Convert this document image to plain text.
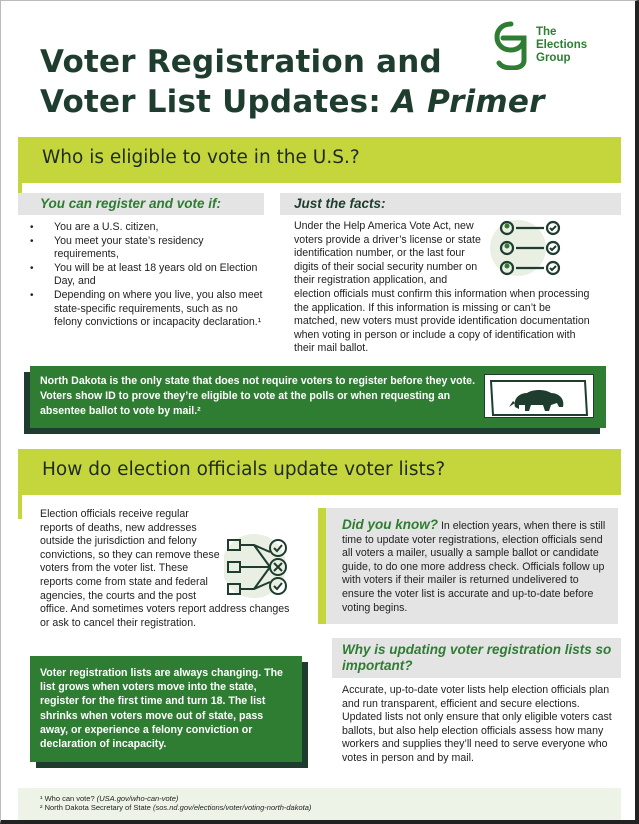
Voter Registration and
Voter List Updates: A Primer
The
Elections
Group
Who is eligible to vote in the U.S.?
You can register and vote if:	Just the facts:
• You are a U.S. citizen,
• You meet your state’s residency requirements,
• You will be at least 18 years old on Election Day, and
• Depending on where you live, you also meet state-specific requirements, such as no felony convictions or incapacity declaration.¹
Under the Help America Vote Act, new voters provide a driver’s license or state identification number, or the last four digits of their social security number on their registration application, and election officials must confirm this information when processing the application. If this information is missing or can’t be matched, new voters must provide identification documentation when voting in person or include a copy of identification with their mail ballot.

North Dakota is the only state that does not require voters to register before they vote. Voters show ID to prove they’re eligible to vote at the polls or when requesting an absentee ballot to vote by mail.²

How do election officials update voter lists?
Election officials receive regular reports of deaths, new addresses outside the jurisdiction and felony convictions, so they can remove these voters from the voter list. These reports come from state and federal agencies, the courts and the post office. And sometimes voters report address changes or ask to cancel their registration.

Did you know? In election years, when there is still time to update voter registrations, election officials send all voters a mailer, usually a sample ballot or candidate guide, to do one more address check. Officials follow up with voters if their mailer is returned undelivered to ensure the voter list is accurate and up-to-date before voting begins.

Voter registration lists are always changing. The list grows when voters move into the state, register for the first time and turn 18. The list shrinks when voters move out of state, pass away, or experience a felony conviction or declaration of incapacity.

Why is updating voter registration lists so important?
Accurate, up-to-date voter lists help election officials plan and run transparent, efficient and secure elections. Updated lists not only ensure that only eligible voters cast ballots, but also help election officials assess how many workers and supplies they’ll need to serve everyone who votes in person and by mail.

¹ Who can vote? (USA.gov/who-can-vote)

² North Dakota Secretary of State (sos.nd.gov/elections/voter/voting-north-dakota)
